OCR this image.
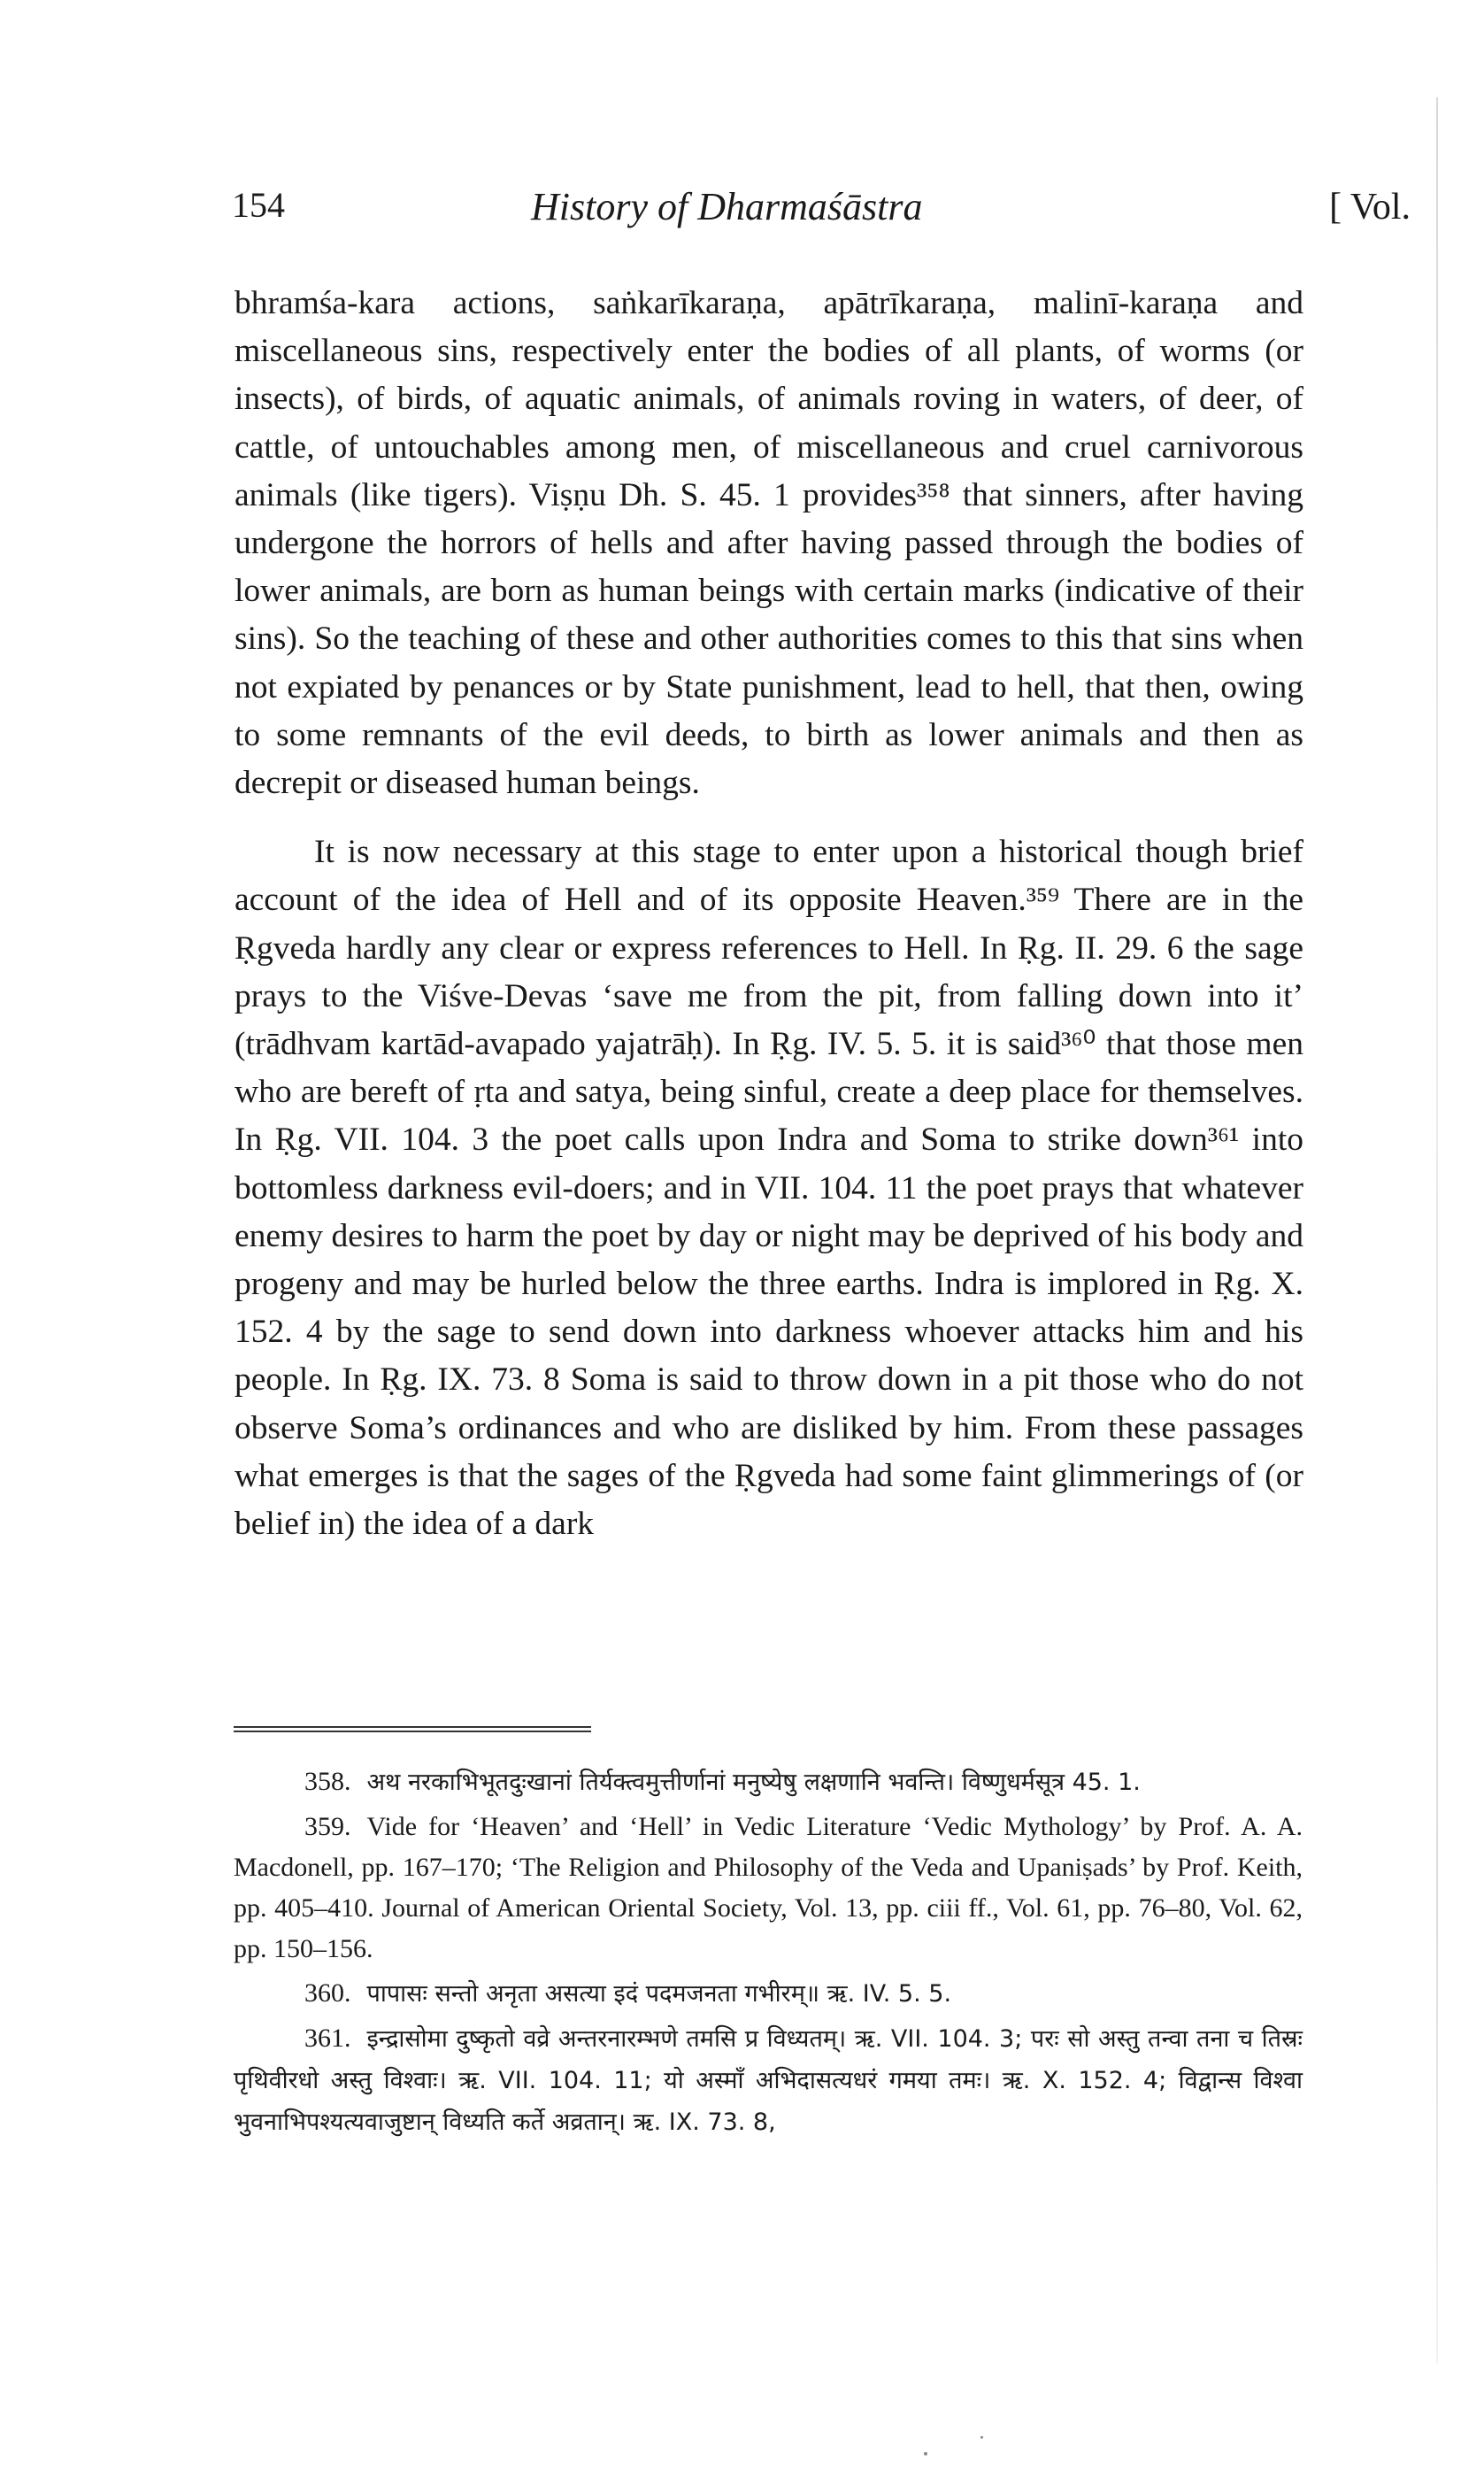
154	History of Dharmaśāstra	[ Vol.

bhramśa-kara actions, saṅkarīkaraṇa, apātrīkaraṇa, malinī-karaṇa and miscellaneous sins, respectively enter the bodies of all plants, of worms (or insects), of birds, of aquatic animals, of animals roving in waters, of deer, of cattle, of untouchables among men, of miscellaneous and cruel carnivorous animals (like tigers). Viṣṇu Dh. S. 45. 1 provides³⁵⁸ that sinners, after having undergone the horrors of hells and after having passed through the bodies of lower animals, are born as human beings with certain marks (indicative of their sins). So the teaching of these and other authorities comes to this that sins when not expiated by penances or by State punishment, lead to hell, that then, owing to some remnants of the evil deeds, to birth as lower animals and then as decrepit or diseased human beings.

It is now necessary at this stage to enter upon a historical though brief account of the idea of Hell and of its opposite Heaven.³⁵⁹ There are in the Ṛgveda hardly any clear or express references to Hell. In Ṛg. II. 29. 6 the sage prays to the Viśve-Devas ‘save me from the pit, from falling down into it’ (trādhvam kartād-avapado yajatrāḥ). In Ṛg. IV. 5. 5. it is said³⁶⁰ that those men who are bereft of ṛta and satya, being sinful, create a deep place for themselves. In Ṛg. VII. 104. 3 the poet calls upon Indra and Soma to strike down³⁶¹ into bottomless darkness evil-doers; and in VII. 104. 11 the poet prays that whatever enemy desires to harm the poet by day or night may be deprived of his body and progeny and may be hurled below the three earths. Indra is implored in Ṛg. X. 152. 4 by the sage to send down into darkness whoever attacks him and his people. In Ṛg. IX. 73. 8 Soma is said to throw down in a pit those who do not observe Soma’s ordinances and who are disliked by him. From these passages what emerges is that the sages of the Ṛgveda had some faint glimmerings of (or belief in) the idea of a dark

358. अथ नरकाभिभूतदुःखानां तिर्यक्त्वमुत्तीर्णानां मनुष्येषु लक्षणानि भवन्ति। विष्णुधर्मसूत्र 45. 1.

359. Vide for ‘Heaven’ and ‘Hell’ in Vedic Literature ‘Vedic Mythology’ by Prof. A. A. Macdonell, pp. 167–170; ‘The Religion and Philosophy of the Veda and Upaniṣads’ by Prof. Keith, pp. 405–410. Journal of American Oriental Society, Vol. 13, pp. ciii ff., Vol. 61, pp. 76–80, Vol. 62, pp. 150–156.

360. पापासः सन्तो अनृता असत्या इदं पदमजनता गभीरम्॥ ऋ. IV. 5. 5.

361. इन्द्रासोमा दुष्कृतो वव्रे अन्तरनारम्भणे तमसि प्र विध्यतम्। ऋ. VII. 104. 3; परः सो अस्तु तन्वा तना च तिस्रः पृथिवीरधो अस्तु विश्वाः। ऋ. VII. 104. 11; यो अस्माँ अभिदासत्यधरं गमया तमः। ऋ. X. 152. 4; विद्वान्स विश्वा भुवनाभिपश्यत्यवाजुष्टान् विध्यति कर्ते अव्रतान्। ऋ. IX. 73. 8,
